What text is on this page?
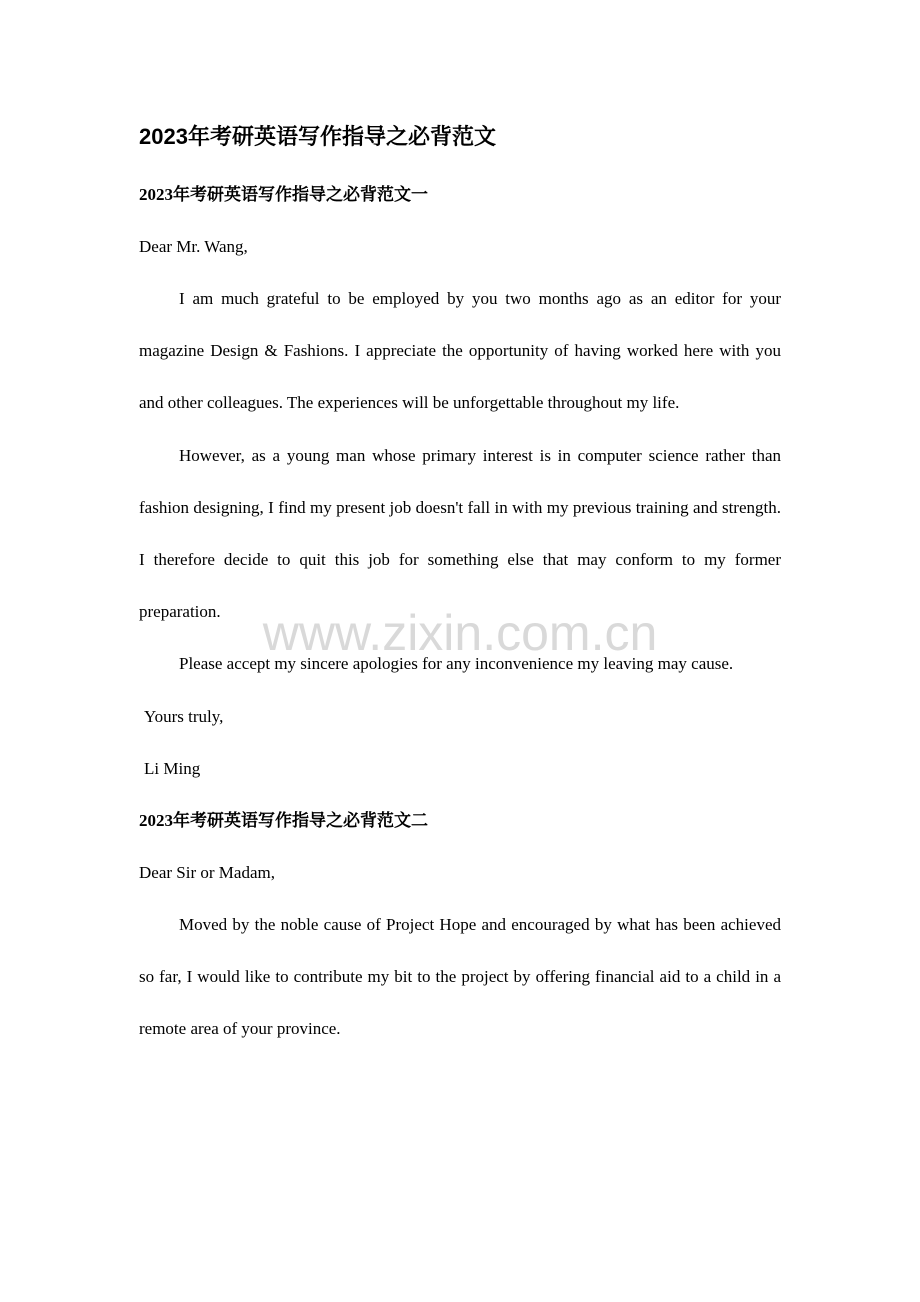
2023年考研英语写作指导之必背范文
2023年考研英语写作指导之必背范文一
Dear Mr. Wang,

I am much grateful to be employed by you two months ago as an editor for your magazine Design & Fashions. I appreciate the opportunity of having worked here with you and other colleagues. The experiences will be unforgettable throughout my life.

However, as a young man whose primary interest is in computer science rather than fashion designing, I find my present job doesn't fall in with my previous training and strength. I therefore decide to quit this job for something else that may conform to my former preparation.

Please accept my sincere apologies for any inconvenience my leaving may cause.

Yours truly,
Li Ming
2023年考研英语写作指导之必背范文二
Dear Sir or Madam,

Moved by the noble cause of Project Hope and encouraged by what has been achieved so far, I would like to contribute my bit to the project by offering financial aid to a child in a remote area of your province.

www.zixin.com.cn
